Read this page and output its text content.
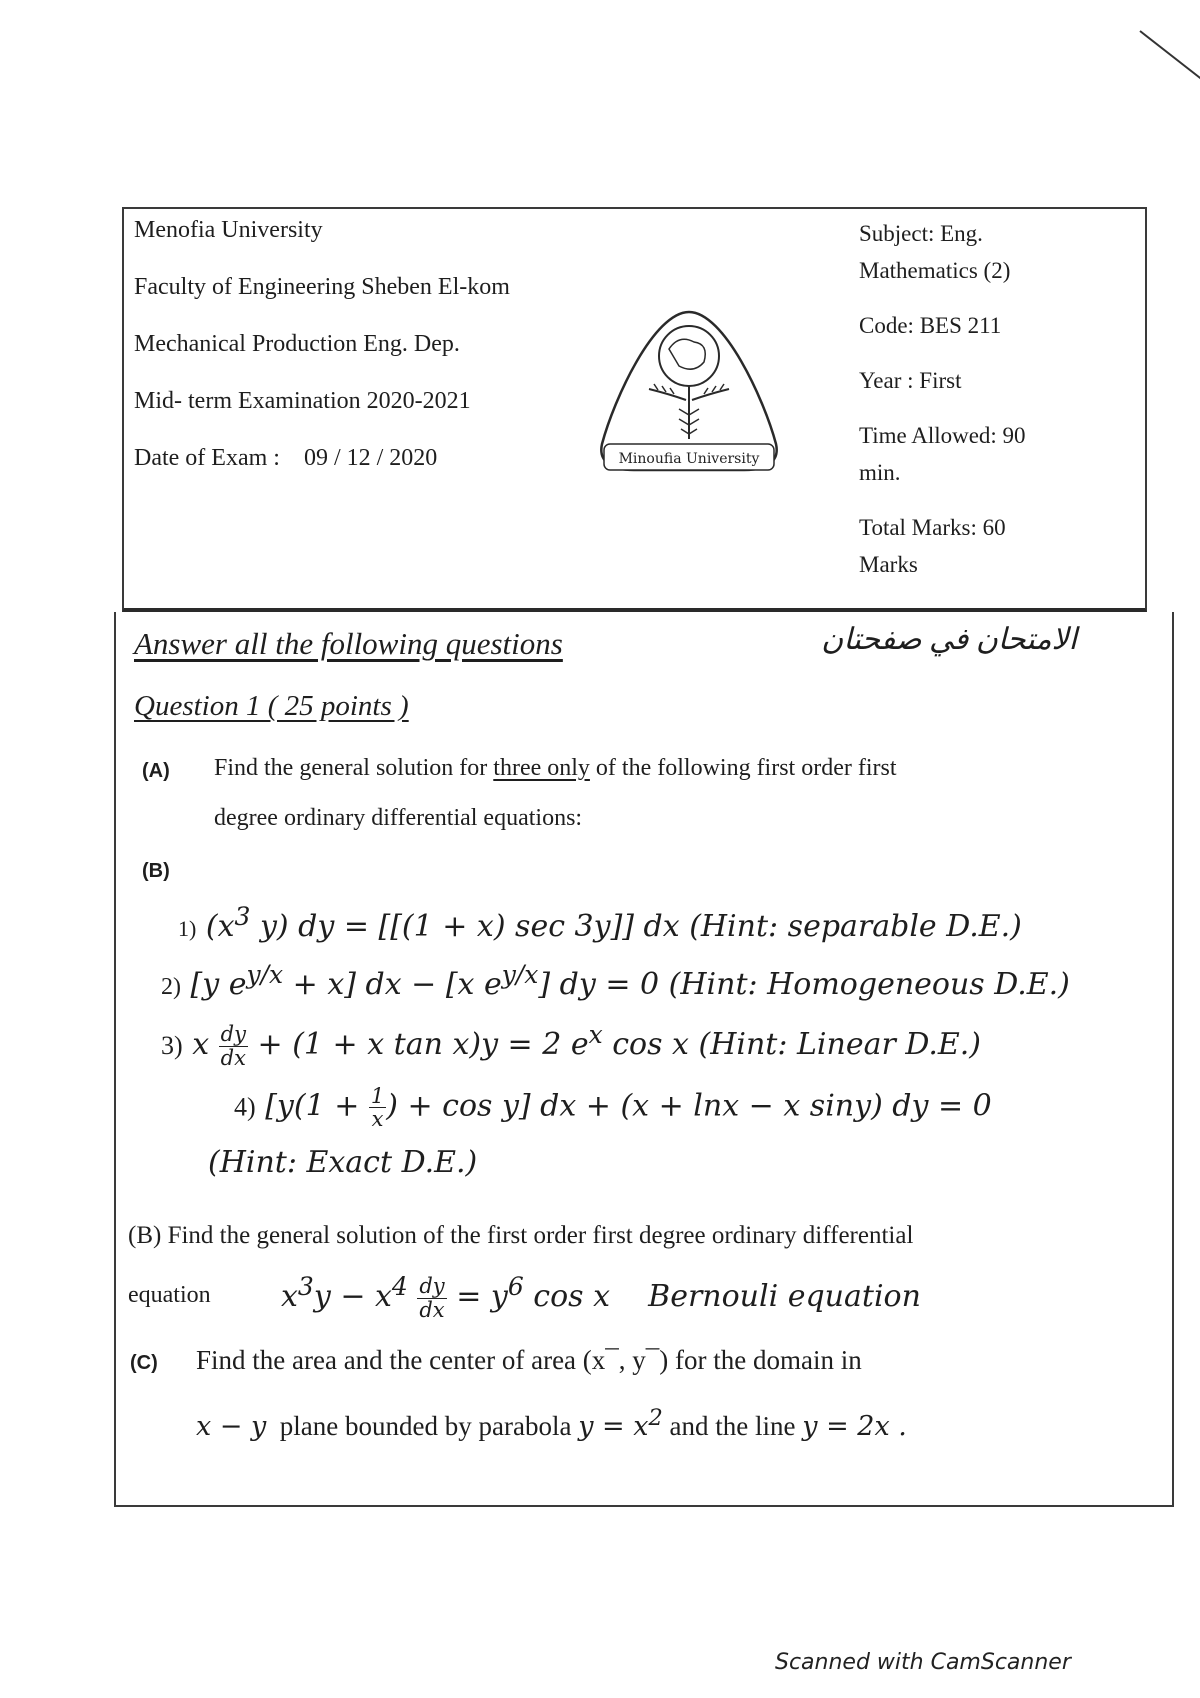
Menofia University
Faculty of Engineering Sheben El-kom
Mechanical Production Eng. Dep.
Mid- term Examination 2020-2021
Date of Exam : 09 / 12 / 2020	Minoufia University
Subject: Eng.
Mathematics (2)
Code: BES 211
Year : First
Time Allowed: 90
min.
Total Marks: 60
Marks
Answer all the following questions	الامتحان في صفحتان
Question 1 ( 25 points )
(A) Find the general solution for three only of the following first order first
degree ordinary differential equations:
(B)
1) ($x^3$ y) dy = [[(1 + x) sec 3y]] dx (Hint: separable D.E.)
2) [y $e^{y/x} + x$] dx − [x $e^{y/x}$] dy = 0 (Hint: Homogeneous D.E.)
3) x $\frac{dy}{dx} + (1 + x$ tan x)y = 2 $e^x$ cos x (Hint: Linear D.E.)
4) [$y(1 + \frac{1}{x}$ ) + cos y] dx + (x + lnx − x siny) dy = 0
(Hint: Exact D.E.)
(B) Find the general solution of the first order first degree ordinary differential
equation $x^3y - x^4 \frac{dy}{dx} = y^6$ cos x    Bernouli equation
(C) Find the area and the center of area (x¯, y¯) for the domain in
x − y plane bounded by parabola $y = x^2$ and the line y = 2x .
Scanned with CamScanner
